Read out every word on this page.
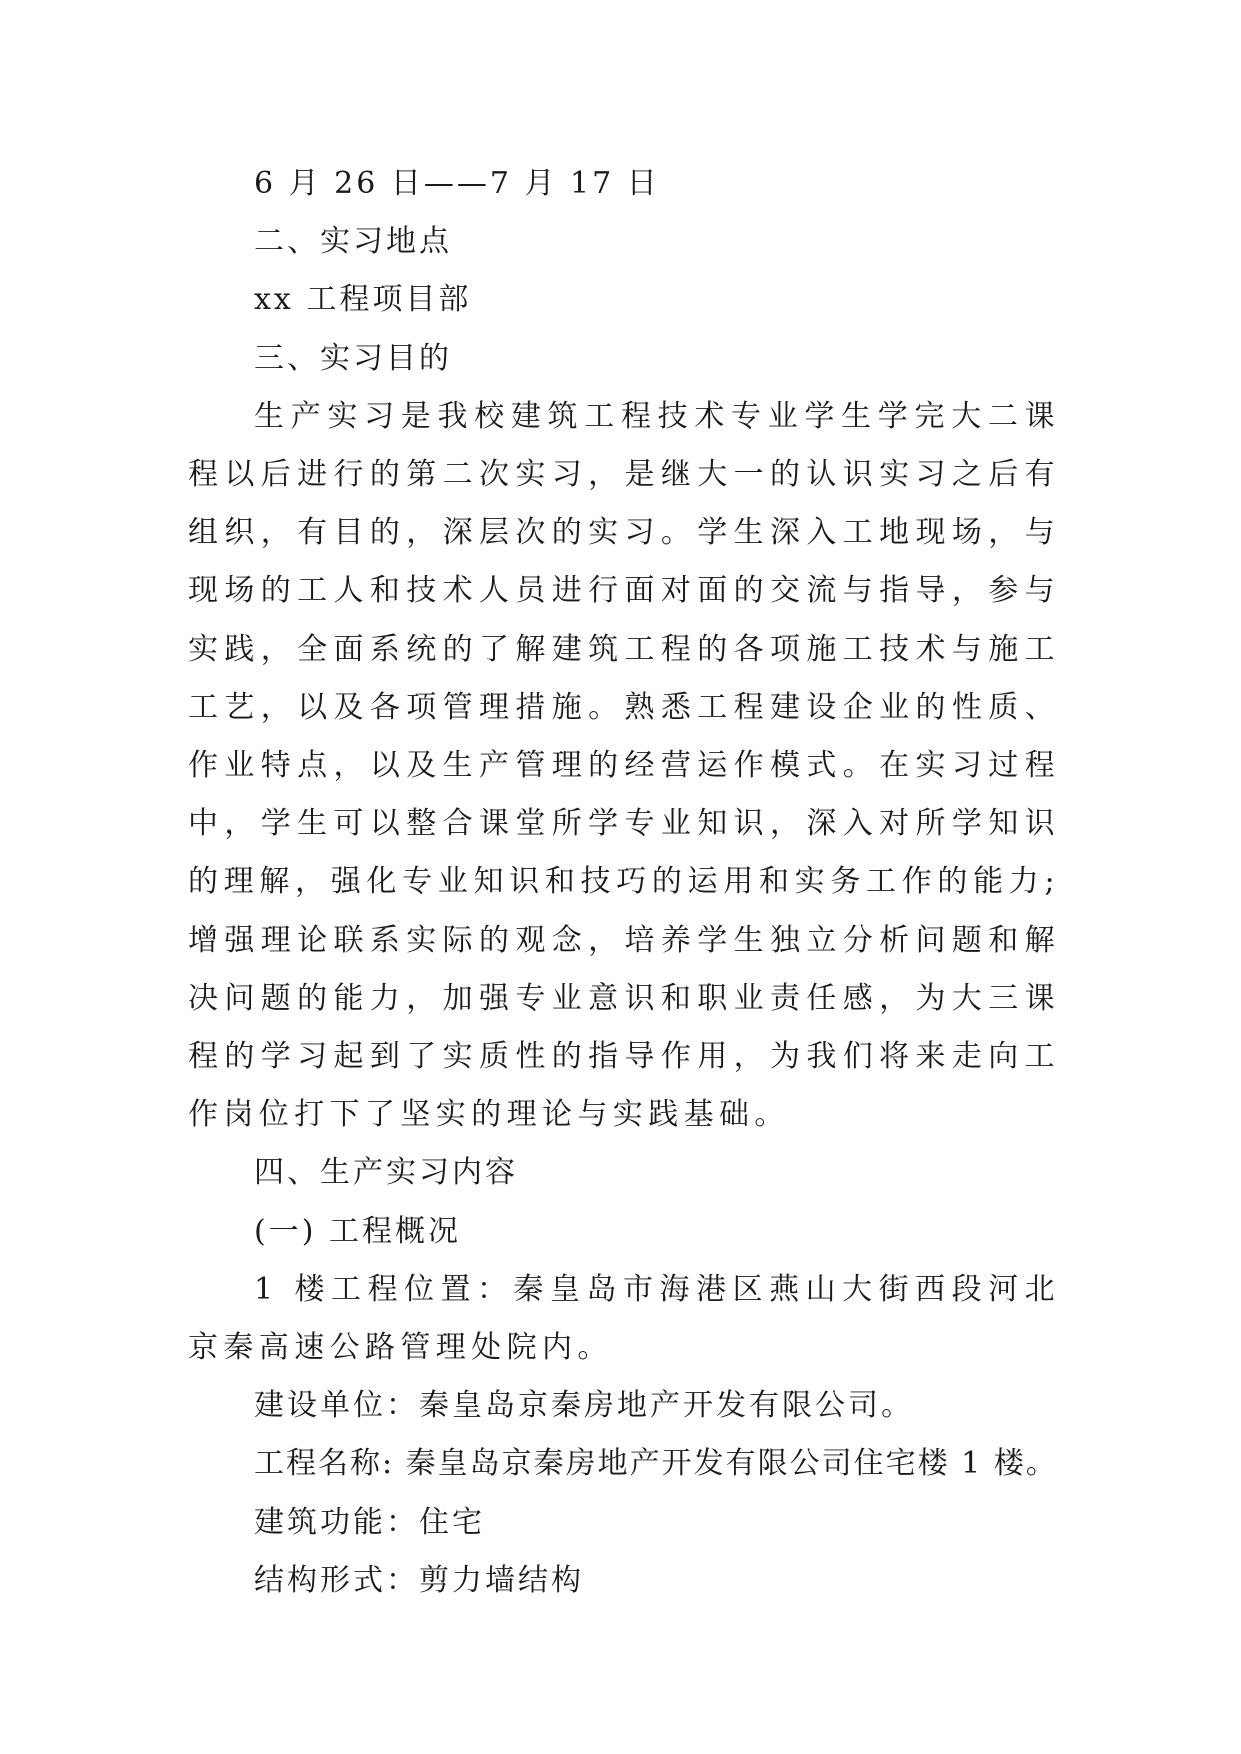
6 月 26 日——7 月 17 日

二、实习地点

xx 工程项目部

三、实习目的

生产实习是我校建筑工程技术专业学生学完大二课程以后进行的第二次实习，是继大一的认识实习之后有组织，有目的，深层次的实习。学生深入工地现场，与现场的工人和技术人员进行面对面的交流与指导，参与实践，全面系统的了解建筑工程的各项施工技术与施工工艺，以及各项管理措施。熟悉工程建设企业的性质、作业特点，以及生产管理的经营运作模式。在实习过程中，学生可以整合课堂所学专业知识，深入对所学知识的理解，强化专业知识和技巧的运用和实务工作的能力;增强理论联系实际的观念，培养学生独立分析问题和解决问题的能力，加强专业意识和职业责任感，为大三课程的学习起到了实质性的指导作用，为我们将来走向工作岗位打下了坚实的理论与实践基础。

四、生产实习内容

(一) 工程概况

1 楼工程位置：秦皇岛市海港区燕山大街西段河北京秦高速公路管理处院内。

建设单位：秦皇岛京秦房地产开发有限公司。

工程名称: 秦皇岛京秦房地产开发有限公司住宅楼 1 楼。

建筑功能：住宅

结构形式：剪力墙结构
